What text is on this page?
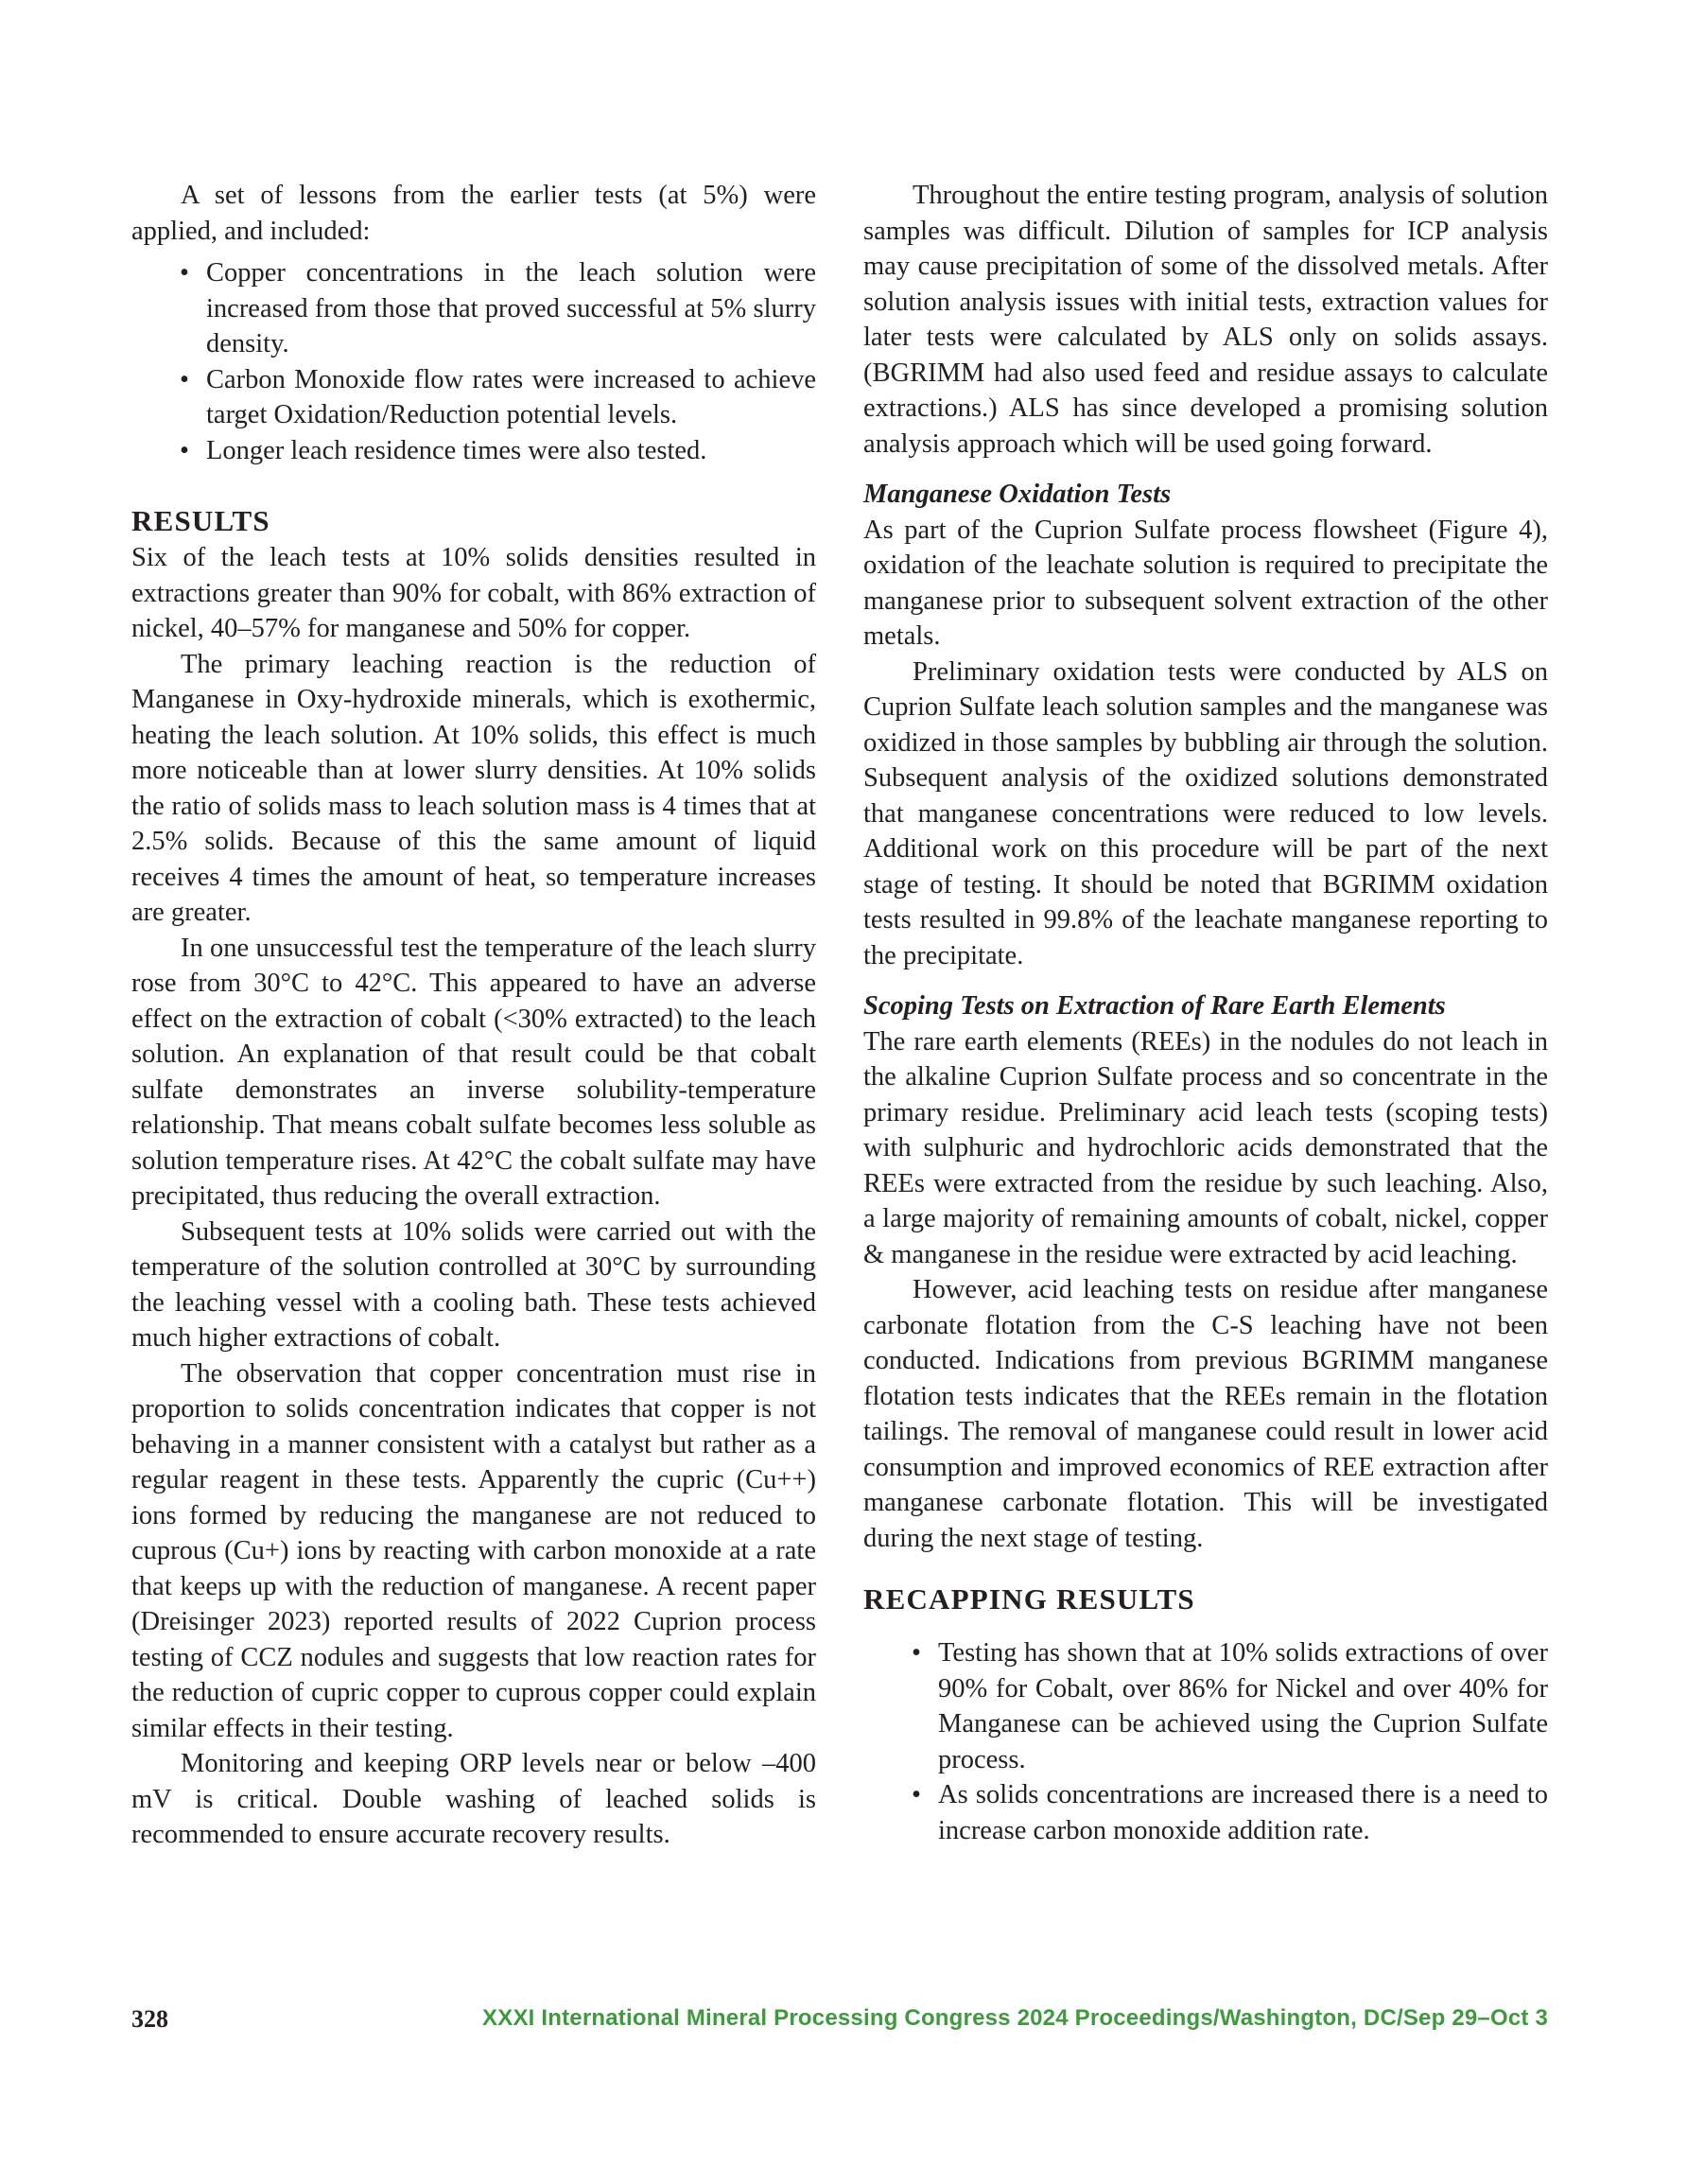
A set of lessons from the earlier tests (at 5%) were applied, and included:

• Copper concentrations in the leach solution were increased from those that proved successful at 5% slurry density.
• Carbon Monoxide flow rates were increased to achieve target Oxidation/Reduction potential levels.
• Longer leach residence times were also tested.
RESULTS

Six of the leach tests at 10% solids densities resulted in extractions greater than 90% for cobalt, with 86% extraction of nickel, 40–57% for manganese and 50% for copper.

The primary leaching reaction is the reduction of Manganese in Oxy-hydroxide minerals, which is exothermic, heating the leach solution. At 10% solids, this effect is much more noticeable than at lower slurry densities. At 10% solids the ratio of solids mass to leach solution mass is 4 times that at 2.5% solids. Because of this the same amount of liquid receives 4 times the amount of heat, so temperature increases are greater.

In one unsuccessful test the temperature of the leach slurry rose from 30°C to 42°C. This appeared to have an adverse effect on the extraction of cobalt (<30% extracted) to the leach solution. An explanation of that result could be that cobalt sulfate demonstrates an inverse solubility-temperature relationship. That means cobalt sulfate becomes less soluble as solution temperature rises. At 42°C the cobalt sulfate may have precipitated, thus reducing the overall extraction.

Subsequent tests at 10% solids were carried out with the temperature of the solution controlled at 30°C by surrounding the leaching vessel with a cooling bath. These tests achieved much higher extractions of cobalt.

The observation that copper concentration must rise in proportion to solids concentration indicates that copper is not behaving in a manner consistent with a catalyst but rather as a regular reagent in these tests. Apparently the cupric (Cu++) ions formed by reducing the manganese are not reduced to cuprous (Cu+) ions by reacting with carbon monoxide at a rate that keeps up with the reduction of manganese. A recent paper (Dreisinger 2023) reported results of 2022 Cuprion process testing of CCZ nodules and suggests that low reaction rates for the reduction of cupric copper to cuprous copper could explain similar effects in their testing.

Monitoring and keeping ORP levels near or below –400 mV is critical. Double washing of leached solids is recommended to ensure accurate recovery results.

Throughout the entire testing program, analysis of solution samples was difficult. Dilution of samples for ICP analysis may cause precipitation of some of the dissolved metals. After solution analysis issues with initial tests, extraction values for later tests were calculated by ALS only on solids assays. (BGRIMM had also used feed and residue assays to calculate extractions.) ALS has since developed a promising solution analysis approach which will be used going forward.

Manganese Oxidation Tests

As part of the Cuprion Sulfate process flowsheet (Figure 4), oxidation of the leachate solution is required to precipitate the manganese prior to subsequent solvent extraction of the other metals.

Preliminary oxidation tests were conducted by ALS on Cuprion Sulfate leach solution samples and the manganese was oxidized in those samples by bubbling air through the solution. Subsequent analysis of the oxidized solutions demonstrated that manganese concentrations were reduced to low levels. Additional work on this procedure will be part of the next stage of testing. It should be noted that BGRIMM oxidation tests resulted in 99.8% of the leachate manganese reporting to the precipitate.

Scoping Tests on Extraction of Rare Earth Elements

The rare earth elements (REEs) in the nodules do not leach in the alkaline Cuprion Sulfate process and so concentrate in the primary residue. Preliminary acid leach tests (scoping tests) with sulphuric and hydrochloric acids demonstrated that the REEs were extracted from the residue by such leaching. Also, a large majority of remaining amounts of cobalt, nickel, copper & manganese in the residue were extracted by acid leaching.

However, acid leaching tests on residue after manganese carbonate flotation from the C-S leaching have not been conducted. Indications from previous BGRIMM manganese flotation tests indicates that the REEs remain in the flotation tailings. The removal of manganese could result in lower acid consumption and improved economics of REE extraction after manganese carbonate flotation. This will be investigated during the next stage of testing.

RECAPPING RESULTS
• Testing has shown that at 10% solids extractions of over 90% for Cobalt, over 86% for Nickel and over 40% for Manganese can be achieved using the Cuprion Sulfate process.
• As solids concentrations are increased there is a need to increase carbon monoxide addition rate.
328	XXXI International Mineral Processing Congress 2024 Proceedings/Washington, DC/Sep 29–Oct 3
